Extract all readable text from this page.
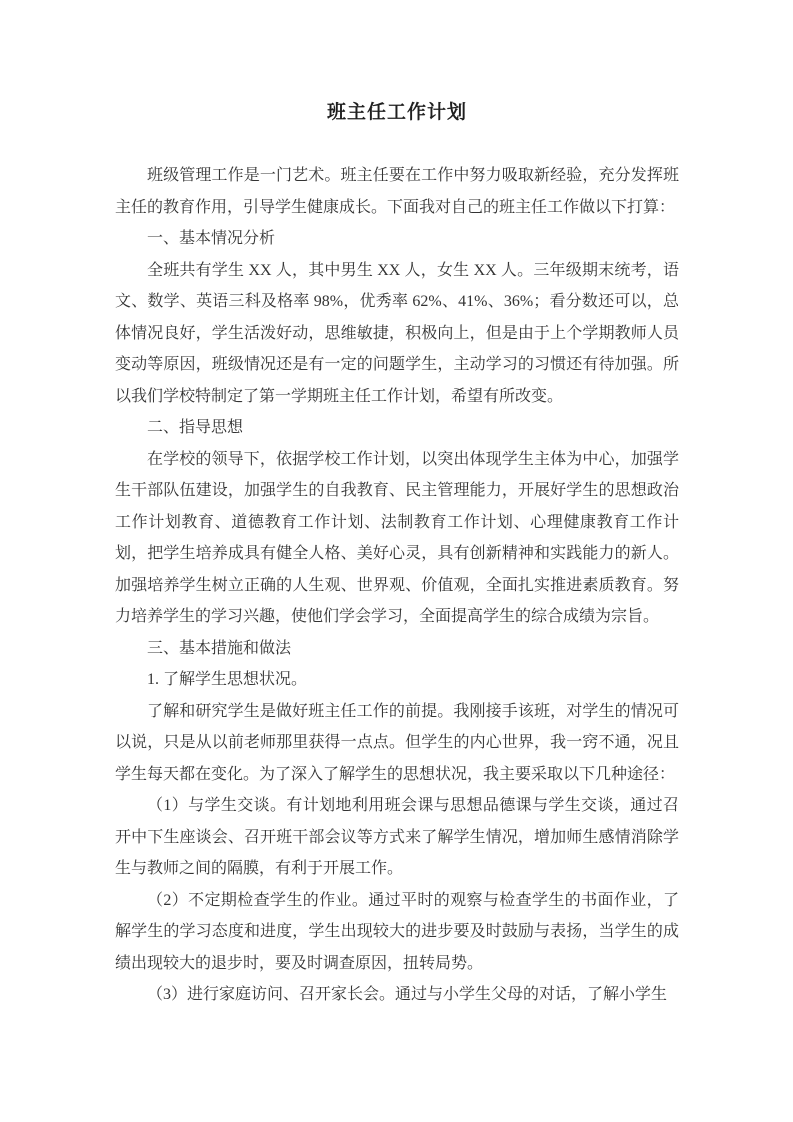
班主任工作计划

班级管理工作是一门艺术。班主任要在工作中努力吸取新经验，充分发挥班主任的教育作用，引导学生健康成长。下面我对自己的班主任工作做以下打算：

一、基本情况分析

全班共有学生 XX 人，其中男生 XX 人，女生 XX 人。三年级期末统考，语文、数学、英语三科及格率 98%，优秀率 62%、41%、36%；看分数还可以，总体情况良好，学生活泼好动，思维敏捷，积极向上，但是由于上个学期教师人员变动等原因，班级情况还是有一定的问题学生，主动学习的习惯还有待加强。所以我们学校特制定了第一学期班主任工作计划，希望有所改变。

二、指导思想

在学校的领导下，依据学校工作计划，以突出体现学生主体为中心，加强学生干部队伍建设，加强学生的自我教育、民主管理能力，开展好学生的思想政治工作计划教育、道德教育工作计划、法制教育工作计划、心理健康教育工作计划，把学生培养成具有健全人格、美好心灵，具有创新精神和实践能力的新人。加强培养学生树立正确的人生观、世界观、价值观，全面扎实推进素质教育。努力培养学生的学习兴趣，使他们学会学习，全面提高学生的综合成绩为宗旨。

三、基本措施和做法

1. 了解学生思想状况。

了解和研究学生是做好班主任工作的前提。我刚接手该班，对学生的情况可以说，只是从以前老师那里获得一点点。但学生的内心世界，我一窍不通，况且学生每天都在变化。为了深入了解学生的思想状况，我主要采取以下几种途径：

（1）与学生交谈。有计划地利用班会课与思想品德课与学生交谈，通过召开中下生座谈会、召开班干部会议等方式来了解学生情况，增加师生感情消除学生与教师之间的隔膜，有利于开展工作。

（2）不定期检查学生的作业。通过平时的观察与检查学生的书面作业，了解学生的学习态度和进度，学生出现较大的进步要及时鼓励与表扬，当学生的成绩出现较大的退步时，要及时调查原因，扭转局势。

（3）进行家庭访问、召开家长会。通过与小学生父母的对话，了解小学生
